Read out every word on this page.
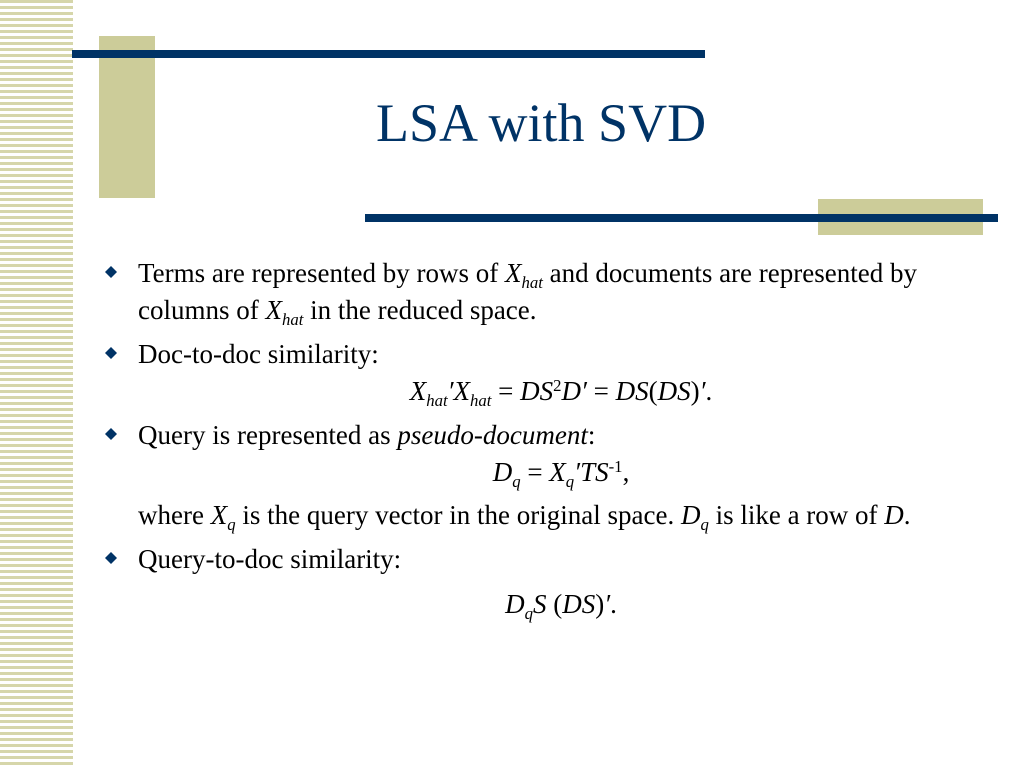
LSA with SVD
Terms are represented by rows of $X_{hat}$ and documents are represented by columns of $X_{hat}$ in the reduced space.
Doc-to-doc similarity:
$X_{hat}'X_{hat} = DS^2D' = DS(DS)'$.
Query is represented as pseudo-document:
$D_q = X_q'TS^{-1}$,
where $X_q$ is the query vector in the original space. $D_q$ is like a row of D.
Query-to-doc similarity:
$D_qS$ (DS)′.
